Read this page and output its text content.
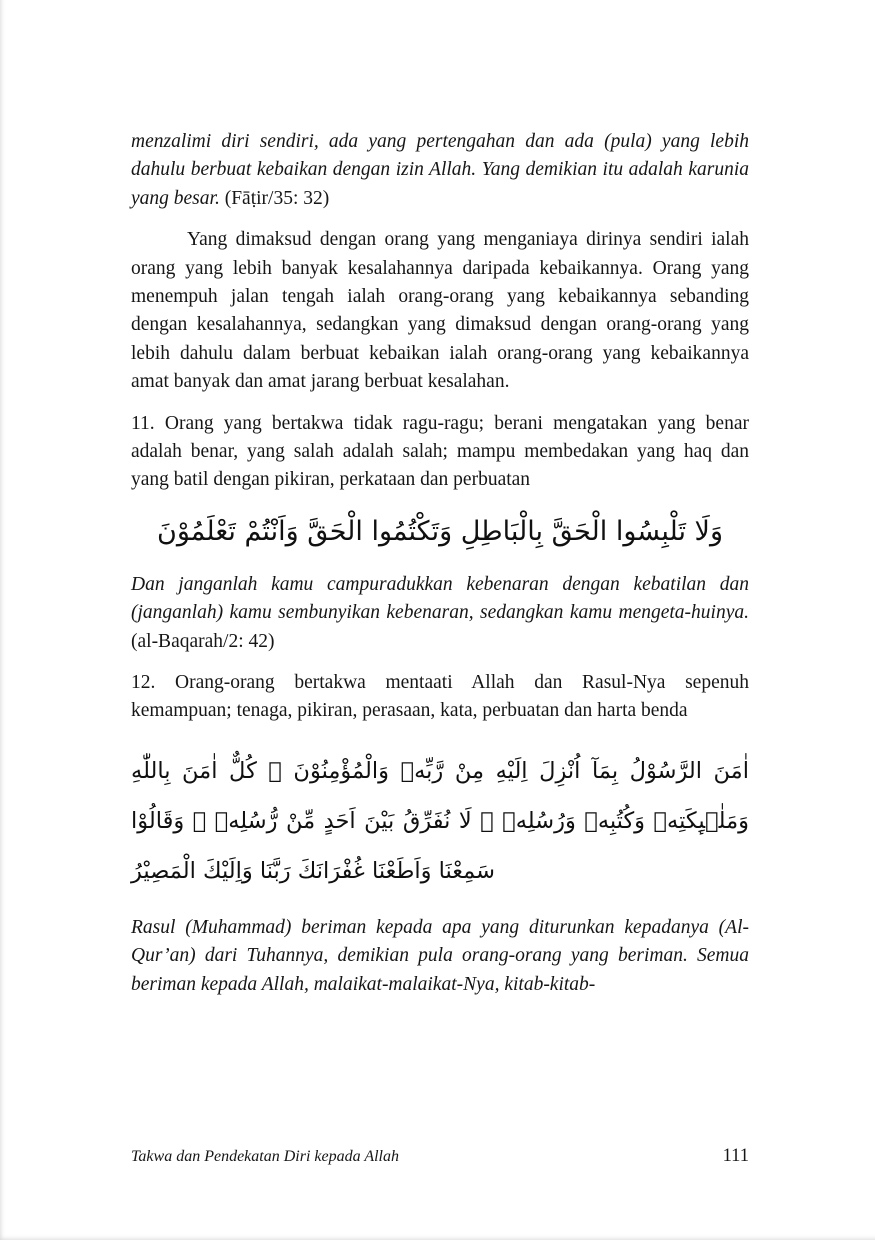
menzalimi diri sendiri, ada yang pertengahan dan ada (pula) yang lebih dahulu berbuat kebaikan dengan izin Allah. Yang demikian itu adalah karunia yang besar. (Fāṭir/35: 32)

Yang dimaksud dengan orang yang menganiaya dirinya sendiri ialah orang yang lebih banyak kesalahannya daripada kebaikannya. Orang yang menempuh jalan tengah ialah orang-orang yang kebaikannya sebanding dengan kesalahannya, sedangkan yang dimaksud dengan orang-orang yang lebih dahulu dalam berbuat kebaikan ialah orang-orang yang kebaikannya amat banyak dan amat jarang berbuat kesalahan.

11. Orang yang bertakwa tidak ragu-ragu; berani mengatakan yang benar adalah benar, yang salah adalah salah; mampu membedakan yang haq dan yang batil dengan pikiran, perkataan dan perbuatan

وَلَا تَلْبِسُوا الْحَقَّ بِالْبَاطِلِ وَتَكْتُمُوا الْحَقَّ وَاَنْتُمْ تَعْلَمُوْنَ

Dan janganlah kamu campuradukkan kebenaran dengan kebatilan dan (janganlah) kamu sembunyikan kebenaran, sedangkan kamu mengeta-huinya. (al-Baqarah/2: 42)

12. Orang-orang bertakwa mentaati Allah dan Rasul-Nya sepenuh kemampuan; tenaga, pikiran, perasaan, kata, perbuatan dan harta benda

اٰمَنَ الرَّسُوْلُ بِمَآ اُنْزِلَ اِلَيْهِ مِنْ رَّبِّهٖ وَالْمُؤْمِنُوْنَ ۗ كُلٌّ اٰمَنَ بِاللّٰهِ وَمَلٰۤىِٕكَتِهٖ وَكُتُبِهٖ وَرُسُلِهٖ ۗ لَا نُفَرِّقُ بَيْنَ اَحَدٍ مِّنْ رُّسُلِهٖ ۗ وَقَالُوْا سَمِعْنَا وَاَطَعْنَا غُفْرَانَكَ رَبَّنَا وَاِلَيْكَ الْمَصِيْرُ

Rasul (Muhammad) beriman kepada apa yang diturunkan kepadanya (Al-Qur’an) dari Tuhannya, demikian pula orang-orang yang beriman. Semua beriman kepada Allah, malaikat-malaikat-Nya, kitab-kitab-

Takwa dan Pendekatan Diri kepada Allah	111
